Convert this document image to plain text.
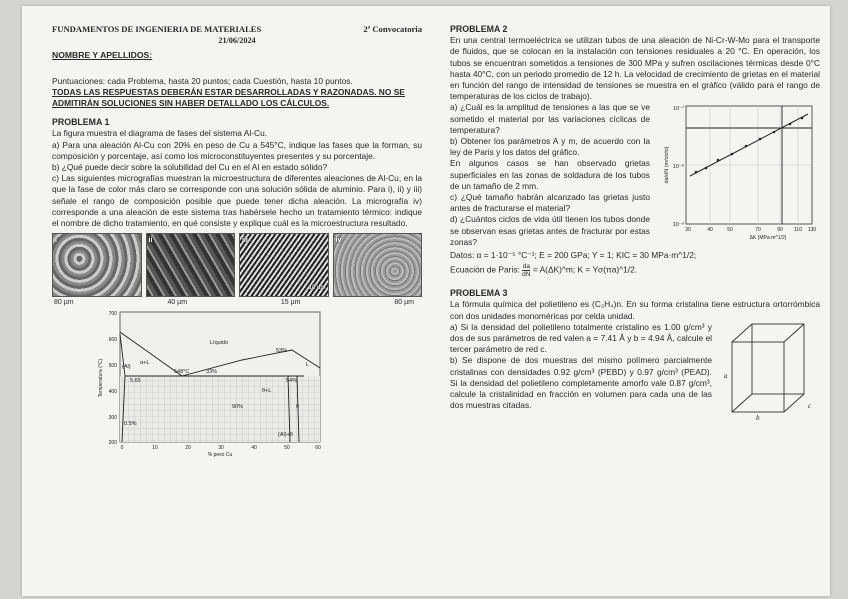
FUNDAMENTOS DE INGENIERIA DE MATERIALES	2ª Convocatoria
21/06/2024
NOMBRE Y APELLIDOS:

Puntuaciones: cada Problema, hasta 20 puntos; cada Cuestión, hasta 10 puntos.

TODAS LAS RESPUESTAS DEBERÁN ESTAR DESARROLLADAS Y RAZONADAS. NO SE ADMITIRÁN SOLUCIONES SIN HABER DETALLADO LOS CÁLCULOS.

PROBLEMA 1

La figura muestra el diagrama de fases del sistema Al-Cu.

a) Para una aleación Al-Cu con 20% en peso de Cu a 545°C, indique las fases que la forman, su composición y porcentaje, así como los microconstituyentes presentes y su porcentaje.

b) ¿Qué puede decir sobre la solubilidad del Cu en el Al en estado sólido?

c) Las siguientes micrografías muestran la microestructura de diferentes aleaciones de Al-Cu, en la que la fase de color más claro se corresponde con una solución sólida de aluminio. Para i), ii) y iii) señale el rango de composición posible que puede tener dicha aleación. La micrografía iv) corresponde a una aleación de este sistema tras habérsele hecho un tratamiento térmico: indique el nombre de dicho tratamiento, en qué consiste y explique cuál es la microestructura resultado.

i	ii	iii
10 µm
iv
80 µm	40 µm	15 µm	80 µm
Líquido
548°C
5.65
33%
53%
54%
0.5%
(Al)
θ+L
α+L
(Al)+θ
L
θ
90%
700
600
500
400
300
200
0	10	20	30	40	50	60
% peso Cu
Temperatura (°C)
PROBLEMA 2

En una central termoeléctrica se utilizan tubos de una aleación de Ni-Cr-W-Mo para el transporte de fluidos, que se colocan en la instalación con tensiones residuales a 20 °C. En operación, los tubos se encuentran sometidos a tensiones de 300 MPa y sufren oscilaciones térmicas desde 0°C hasta 40°C, con un periodo promedio de 12 h. La velocidad de crecimiento de grietas en el material en función del rango de intensidad de tensiones se muestra en el gráfico (válido para el rango de temperaturas de los ciclos de trabajo).

a) ¿Cuál es la amplitud de tensiones a las que se ve sometido el material por las variaciones cíclicas de temperatura?

b) Obtener los parámetros A y m, de acuerdo con la ley de Paris y los datos del gráfico.

En algunos casos se han observado grietas superficiales en las zonas de soldadura de los tubos de un tamaño de 2 mm.

c) ¿Qué tamaño habrán alcanzado las grietas justo antes de fracturarse el material?

d) ¿Cuántos ciclos de vida útil tienen los tubos donde se observan esas grietas antes de fracturar por estas zonas?

10⁻⁷
10⁻⁸
10⁻⁹
30	40	50	70	90 110 130
ΔK (MPa·m^1/2)
da/dN (m/ciclo)

Datos: α = 1·10⁻⁵ °C⁻¹; E = 200 GPa; Y = 1; KIC = 30 MPa·m^1/2;

Ecuación de Paris: $\frac{da}{dN}$ = A(ΔK)^m; K = Yσ(πa)^1/2.

PROBLEMA 3

La fórmula química del polietileno es (C₂H₄)n. En su forma cristalina tiene estructura ortorrómbica con dos unidades monoméricas por celda unidad.

a) Si la densidad del polietileno totalmente cristalino es 1.00 g/cm³ y dos de sus parámetros de red valen a = 7.41 Å y b = 4.94 Å, calcule el tercer parámetro de red c.

b) Se dispone de dos muestras del mismo polímero parcialmente cristalinas con densidades 0.92 g/cm³ (PEBD) y 0.97 g/cm³ (PEAD). Si la densidad del polietileno completamente amorfo vale 0.87 g/cm³, calcule la cristalinidad en fracción en volumen para cada una de las dos muestras citadas.

a
b
c
